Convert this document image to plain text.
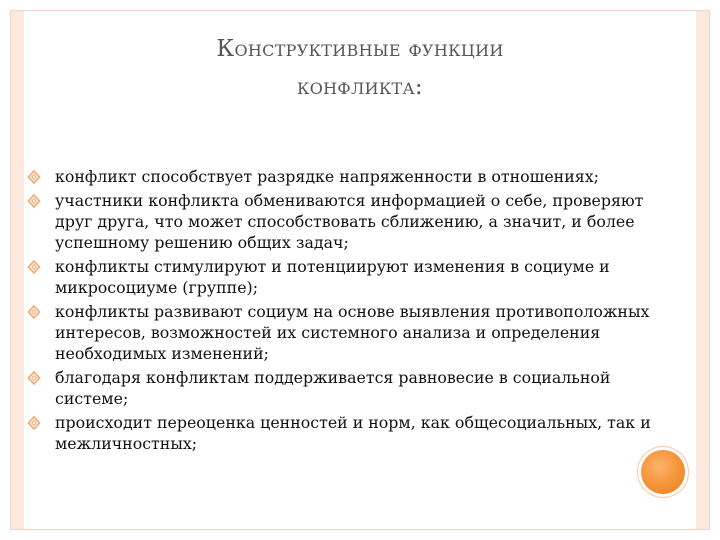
Конструктивные функции
конфликта:
конфликт способствует разрядке напряженности в отношениях;
участники конфликта обмениваются информацией о себе, проверяют друг друга, что может способствовать сближению, а значит, и более успешному решению общих задач;
конфликты стимулируют и потенциируют изменения в социуме и микросоциуме (группе);
конфликты развивают социум на основе выявления противоположных интересов, возможностей их системного анализа и определения необходимых изменений;
благодаря конфликтам поддерживается равновесие в социальной системе;
происходит переоценка ценностей и норм, как общесоциальных, так и межличностных;
